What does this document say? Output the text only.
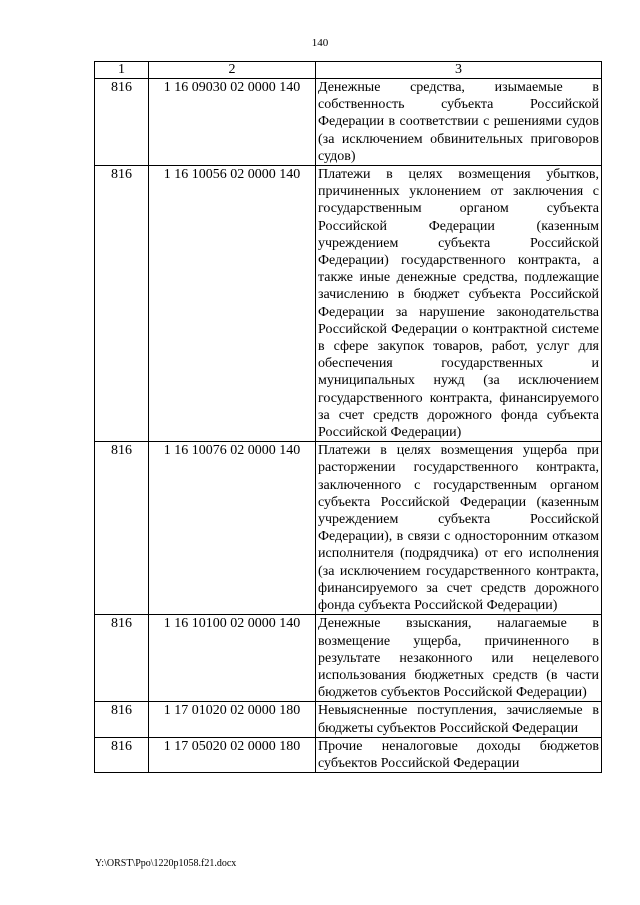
140
1	2	3
816	1 16 09030 02 0000 140	Денежные средства, изымаемые в собственность субъекта Российской Федерации в соответствии с решениями судов (за исключением обвинительных приговоров судов)
816	1 16 10056 02 0000 140	Платежи в целях возмещения убытков, причиненных уклонением от заключения с государственным органом субъекта Российской Федерации (казенным учреждением субъекта Российской Федерации) государственного контракта, а также иные денежные средства, подлежащие зачислению в бюджет субъекта Российской Федерации за нарушение законодательства Российской Федерации о контрактной системе в сфере закупок товаров, работ, услуг для обеспечения государственных и муниципальных нужд (за исключением государственного контракта, финансируемого за счет средств дорожного фонда субъекта Российской Федерации)
816	1 16 10076 02 0000 140	Платежи в целях возмещения ущерба при расторжении государственного контракта, заключенного с государственным органом субъекта Российской Федерации (казенным учреждением субъекта Российской Федерации), в связи с односторонним отказом исполнителя (подрядчика) от его исполнения (за исключением государственного контракта, финансируемого за счет средств дорожного фонда субъекта Российской Федерации)
816	1 16 10100 02 0000 140	Денежные взыскания, налагаемые в возмещение ущерба, причиненного в результате незаконного или нецелевого использования бюджетных средств (в части бюджетов субъектов Российской Федерации)
816	1 17 01020 02 0000 180	Невыясненные поступления, зачисляемые в бюджеты субъектов Российской Федерации
816	1 17 05020 02 0000 180	Прочие неналоговые доходы бюджетов субъектов Российской Федерации
Y:\ORST\Ppo\1220p1058.f21.docx
